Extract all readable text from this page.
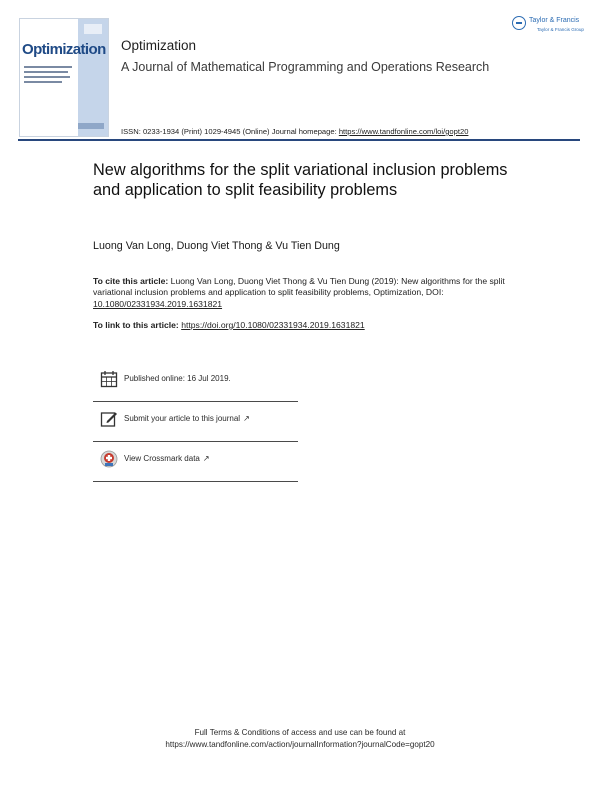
Optimization	Optimization
A Journal of Mathematical Programming and Operations Research
ISSN: 0233-1934 (Print) 1029-4945 (Online) Journal homepage: https://www.tandfonline.com/loi/gopt20
Taylor & Francis
Taylor & Francis Group
New algorithms for the split variational inclusion problems and application to split feasibility problems
Luong Van Long, Duong Viet Thong & Vu Tien Dung
To cite this article: Luong Van Long, Duong Viet Thong & Vu Tien Dung (2019): New algorithms for the split variational inclusion problems and application to split feasibility problems, Optimization, DOI: 10.1080/02331934.2019.1631821
To link to this article: https://doi.org/10.1080/02331934.2019.1631821
Published online: 16 Jul 2019.
Submit your article to this journal ↗
View Crossmark data ↗
Full Terms & Conditions of access and use can be found at
https://www.tandfonline.com/action/journalInformation?journalCode=gopt20
